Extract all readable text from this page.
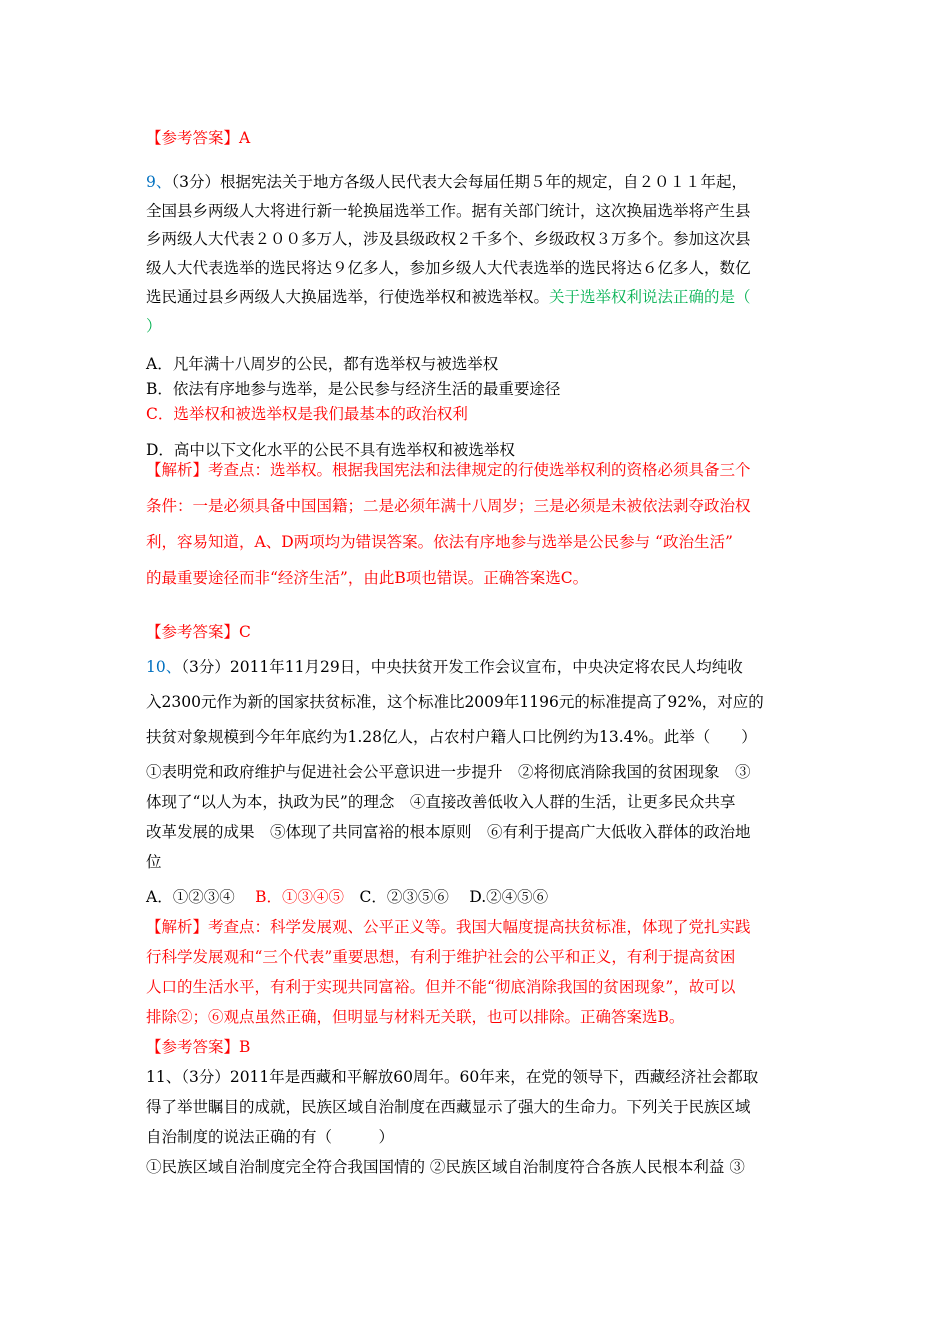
【参考答案】A
9、（3分）根据宪法关于地方各级人民代表大会每届任期５年的规定，自２０１１年起，
全国县乡两级人大将进行新一轮换届选举工作。据有关部门统计，这次换届选举将产生县
乡两级人大代表２００多万人，涉及县级政权２千多个、乡级政权３万多个。参加这次县
级人大代表选举的选民将达９亿多人，参加乡级人大代表选举的选民将达６亿多人，数亿
选民通过县乡两级人大换届选举，行使选举权和被选举权。关于选举权利说法正确的是（
）
A．凡年满十八周岁的公民，都有选举权与被选举权
B．依法有序地参与选举，是公民参与经济生活的最重要途径
C．选举权和被选举权是我们最基本的政治权利
D．高中以下文化水平的公民不具有选举权和被选举权
【解析】考查点：选举权。根据我国宪法和法律规定的行使选举权利的资格必须具备三个
条件：一是必须具备中国国籍；二是必须年满十八周岁；三是必须是未被依法剥夺政治权
利，容易知道，A、D两项均为错误答案。依法有序地参与选举是公民参与 “政治生活”
的最重要途径而非“经济生活”，由此B项也错误。正确答案选C。
【参考答案】C
10、（3分）2011年11月29日，中央扶贫开发工作会议宣布，中央决定将农民人均纯收
入2300元作为新的国家扶贫标准，这个标准比2009年1196元的标准提高了92%，对应的
扶贫对象规模到今年年底约为1.28亿人，占农村户籍人口比例约为13.4%。此举（　　）
①表明党和政府维护与促进社会公平意识进一步提升　②将彻底消除我国的贫困现象　③
体现了“以人为本，执政为民”的理念　④直接改善低收入人群的生活，让更多民众共享
改革发展的成果　⑤体现了共同富裕的根本原则　⑥有利于提高广大低收入群体的政治地
位
A．①②③④　 B．①③④⑤　C．②③⑤⑥　 D.②④⑤⑥
【解析】考查点：科学发展观、公平正义等。我国大幅度提高扶贫标准，体现了党扎实践
行科学发展观和“三个代表”重要思想，有利于维护社会的公平和正义，有利于提高贫困
人口的生活水平，有利于实现共同富裕。但并不能“彻底消除我国的贫困现象”，故可以
排除②；⑥观点虽然正确，但明显与材料无关联，也可以排除。正确答案选B。
【参考答案】B
11、（3分）2011年是西藏和平解放60周年。60年来，在党的领导下，西藏经济社会都取
得了举世瞩目的成就，民族区域自治制度在西藏显示了强大的生命力。下列关于民族区域
自治制度的说法正确的有（　　　）
①民族区域自治制度完全符合我国国情的 ②民族区域自治制度符合各族人民根本利益 ③
